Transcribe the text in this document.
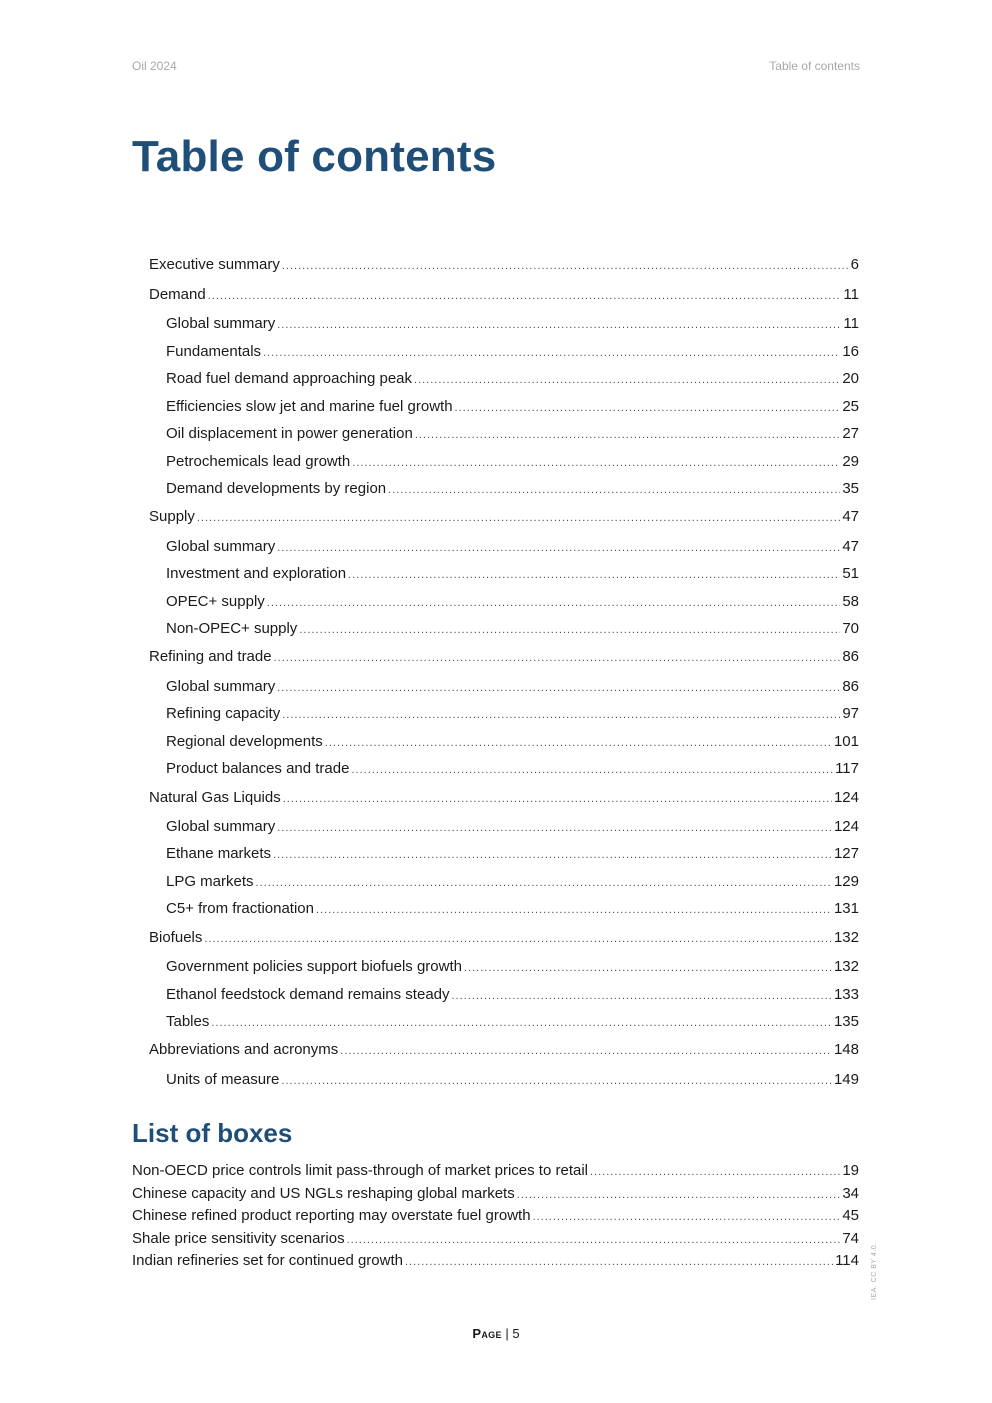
Oil 2024	Table of contents
Table of contents
Executive summary .....	6
Demand .....	11
Global summary .....	11
Fundamentals .....	16
Road fuel demand approaching peak .....	20
Efficiencies slow jet and marine fuel growth .....	25
Oil displacement in power generation .....	27
Petrochemicals lead growth .....	29
Demand developments by region .....	35
Supply .....	47
Global summary .....	47
Investment and exploration .....	51
OPEC+ supply .....	58
Non-OPEC+ supply .....	70
Refining and trade .....	86
Global summary .....	86
Refining capacity .....	97
Regional developments .....	101
Product balances and trade .....	117
Natural Gas Liquids .....	124
Global summary .....	124
Ethane markets .....	127
LPG markets .....	129
C5+ from fractionation .....	131
Biofuels .....	132
Government policies support biofuels growth .....	132
Ethanol feedstock demand remains steady .....	133
Tables .....	135
Abbreviations and acronyms .....	148
Units of measure .....	149
List of boxes
Non-OECD price controls limit pass-through of market prices to retail .....	19
Chinese capacity and US NGLs reshaping global markets .....	34
Chinese refined product reporting may overstate fuel growth .....	45
Shale price sensitivity scenarios .....	74
Indian refineries set for continued growth .....	114
Page | 5
IEA. CC BY 4.0.
